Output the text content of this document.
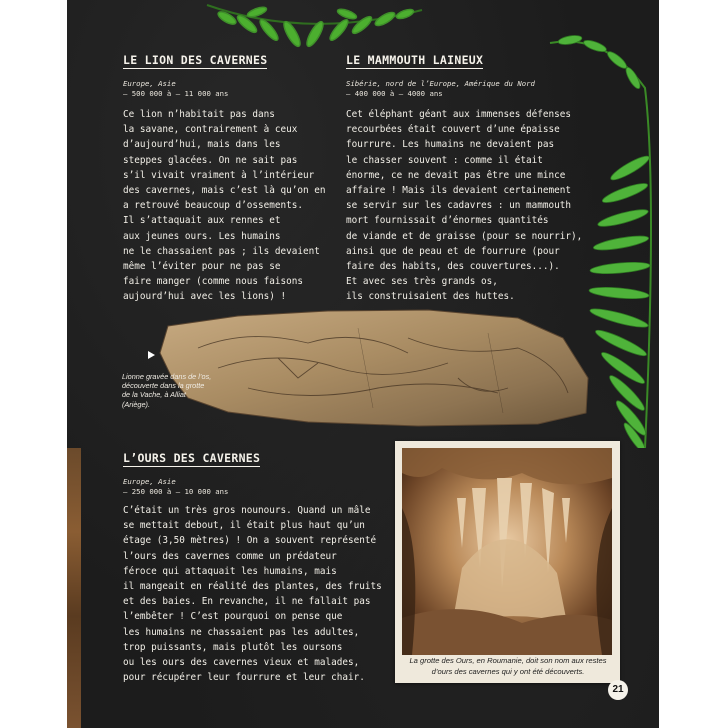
LE LION DES CAVERNES
Europe, Asie
– 500 000 à – 11 000 ans
Ce lion n’habitait pas dans
la savane, contrairement à ceux
d’aujourd’hui, mais dans les
steppes glacées. On ne sait pas
s’il vivait vraiment à l’intérieur
des cavernes, mais c’est là qu’on en
a retrouvé beaucoup d’ossements.
Il s’attaquait aux rennes et
aux jeunes ours. Les humains
ne le chassaient pas ; ils devaient
même l’éviter pour ne pas se
faire manger (comme nous faisons
aujourd’hui avec les lions) !
LE MAMMOUTH LAINEUX
Sibérie, nord de l’Europe, Amérique du Nord
– 400 000 à – 4000 ans
Cet éléphant géant aux immenses défenses
recourbées était couvert d’une épaisse
fourrure. Les humains ne devaient pas
le chasser souvent : comme il était
énorme, ce ne devait pas être une mince
affaire ! Mais ils devaient certainement
se servir sur les cadavres : un mammouth
mort fournissait d’énormes quantités
de viande et de graisse (pour se nourrir),
ainsi que de peau et de fourrure (pour
faire des habits, des couvertures...).
Et avec ses très grands os,
ils construisaient des huttes.
Lionne gravée dans de l’os, découverte dans la grotte de la Vache, à Alliat (Ariège).
L’OURS DES CAVERNES
Europe, Asie
– 250 000 à – 10 000 ans
C’était un très gros nounours. Quand un mâle
se mettait debout, il était plus haut qu’un
étage (3,50 mètres) ! On a souvent représenté
l’ours des cavernes comme un prédateur
féroce qui attaquait les humains, mais
il mangeait en réalité des plantes, des fruits
et des baies. En revanche, il ne fallait pas
l’embêter ! C’est pourquoi on pense que
les humains ne chassaient pas les adultes,
trop puissants, mais plutôt les oursons
ou les ours des cavernes vieux et malades,
pour récupérer leur fourrure et leur chair.
La grotte des Ours, en Roumanie, doit son nom aux restes d’ours des cavernes qui y ont été découverts.
21
